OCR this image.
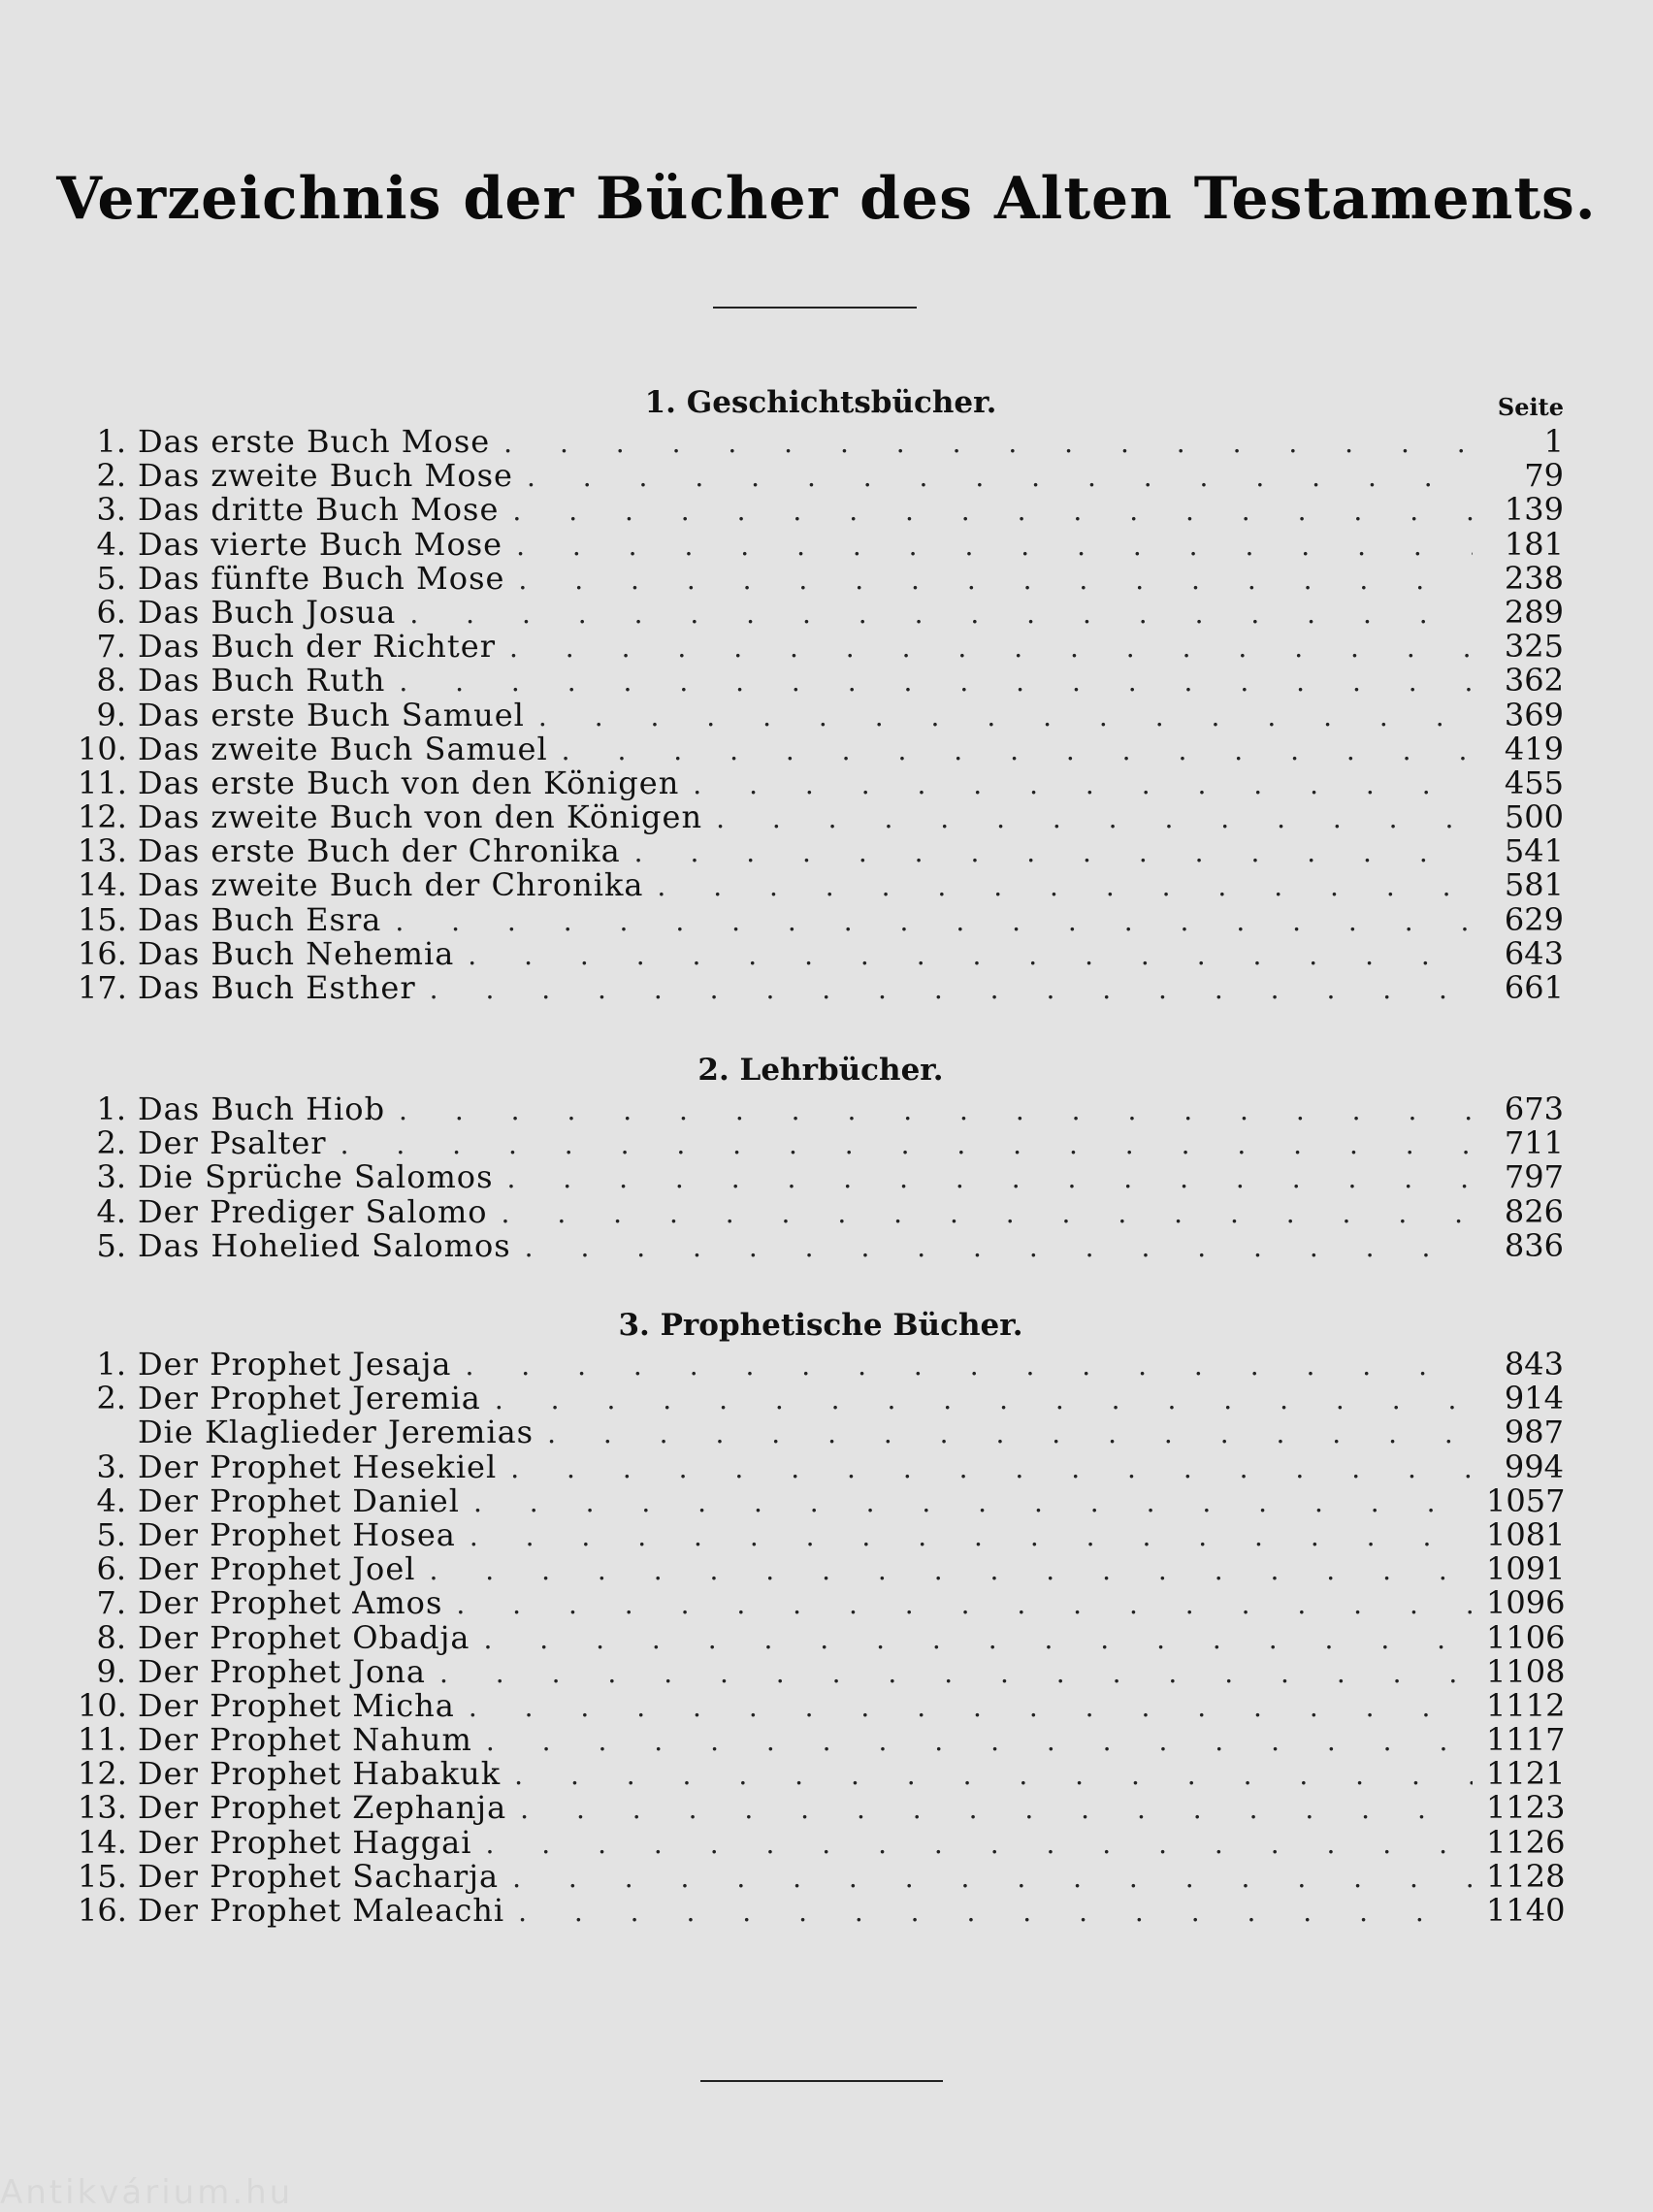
Verzeichnis der Bücher des Alten Testaments.
1. Geschichtsbücher.	Seite
1. Das erste Buch Mose . . .	1
2. Das zweite Buch Mose . . .	79
3. Das dritte Buch Mose . . .	139
4. Das vierte Buch Mose . . .	181
5. Das fünfte Buch Mose . . .	238
6. Das Buch Josua . . .	289
7. Das Buch der Richter . . .	325
8. Das Buch Ruth . . .	362
9. Das erste Buch Samuel . . .	369
10. Das zweite Buch Samuel . . .	419
11. Das erste Buch von den Königen . . .	455
12. Das zweite Buch von den Königen . . .	500
13. Das erste Buch der Chronika . . .	541
14. Das zweite Buch der Chronika . . .	581
15. Das Buch Esra . . .	629
16. Das Buch Nehemia . . .	643
17. Das Buch Esther . . .	661
2. Lehrbücher.
1. Das Buch Hiob . . .	673
2. Der Psalter . . .	711
3. Die Sprüche Salomos . . .	797
4. Der Prediger Salomo . . .	826
5. Das Hohelied Salomos . . .	836
3. Prophetische Bücher.
1. Der Prophet Jesaja . . .	843
2. Der Prophet Jeremia . . .	914
Die Klaglieder Jeremias . . .	987
3. Der Prophet Hesekiel . . .	994
4. Der Prophet Daniel . . .	1057
5. Der Prophet Hosea . . .	1081
6. Der Prophet Joel . . .	1091
7. Der Prophet Amos . . .	1096
8. Der Prophet Obadja . . .	1106
9. Der Prophet Jona . . .	1108
10. Der Prophet Micha . . .	1112
11. Der Prophet Nahum . . .	1117
12. Der Prophet Habakuk . . .	1121
13. Der Prophet Zephanja . . .	1123
14. Der Prophet Haggai . . .	1126
15. Der Prophet Sacharja . . .	1128
16. Der Prophet Maleachi . . .	1140
Antikvárium.hu
